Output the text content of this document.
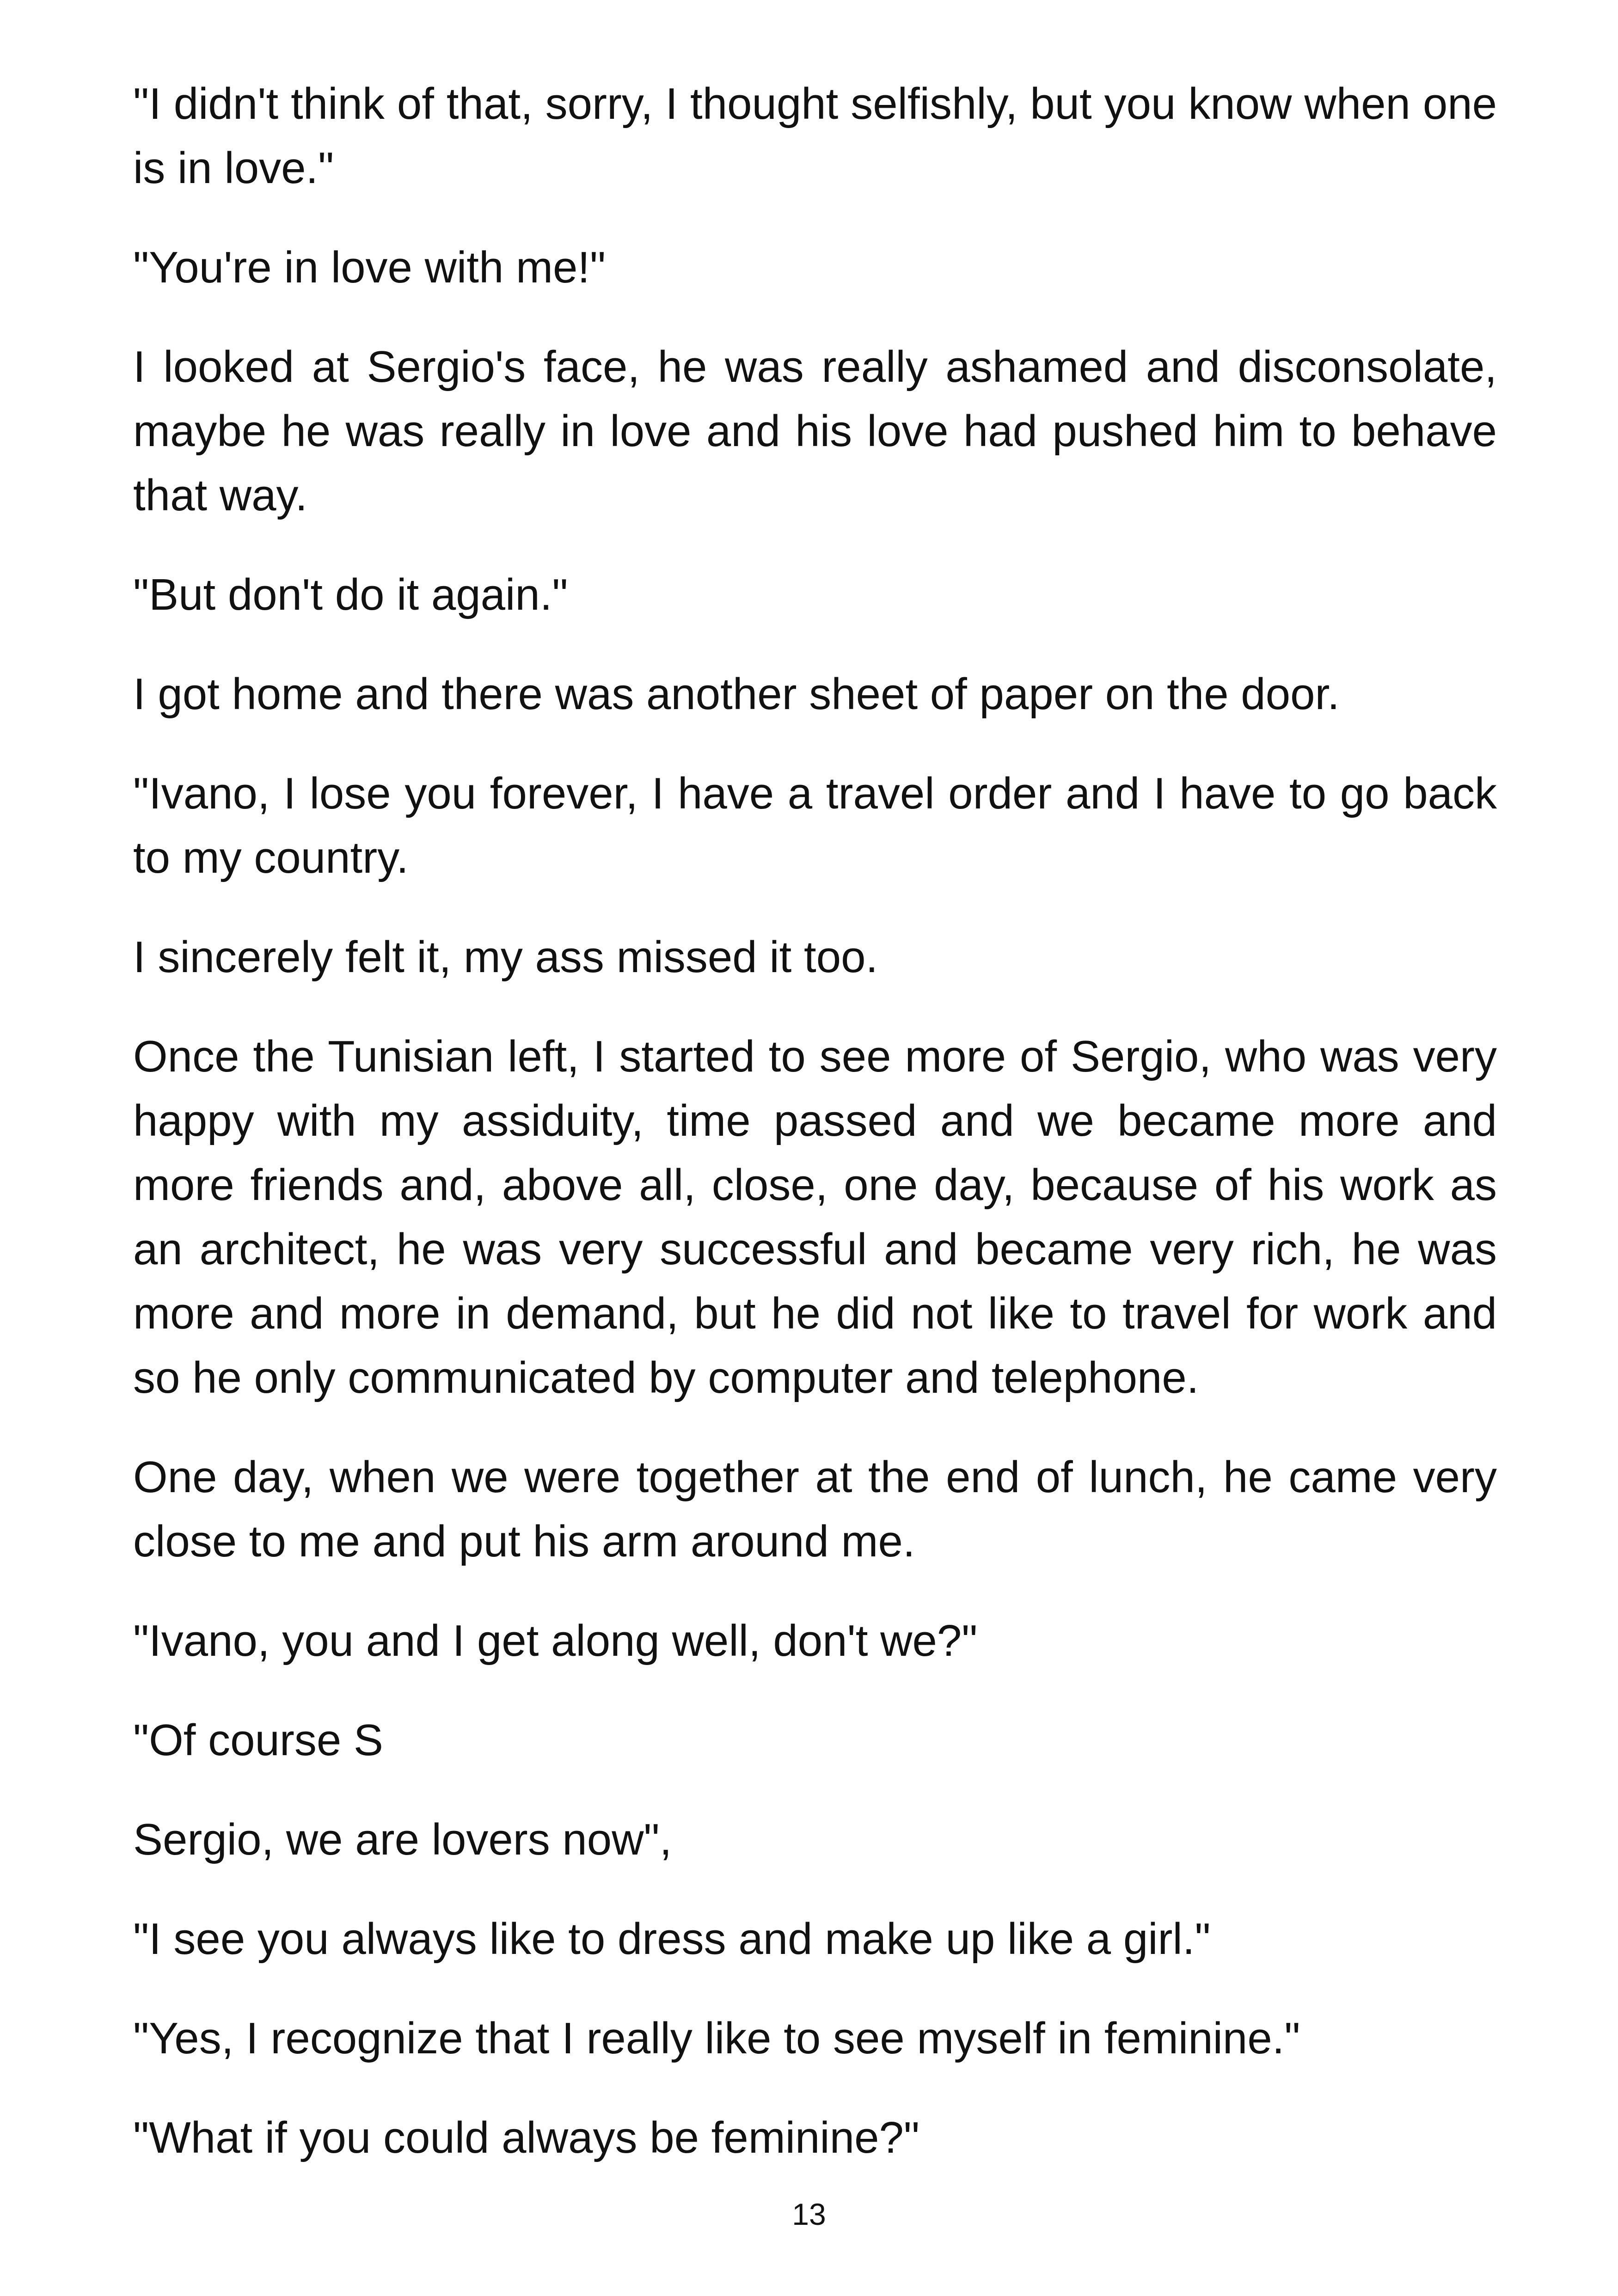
"I didn't think of that, sorry, I thought selfishly, but you know when one is in love."

"You're in love with me!"

I looked at Sergio's face, he was really ashamed and disconsolate, maybe he was really in love and his love had pushed him to behave that way.

"But don't do it again."

I got home and there was another sheet of paper on the door.

"Ivano, I lose you forever, I have a travel order and I have to go back to my country.

I sincerely felt it, my ass missed it too.

Once the Tunisian left, I started to see more of Sergio, who was very happy with my assiduity, time passed and we became more and more friends and, above all, close, one day, because of his work as an architect, he was very successful and became very rich, he was more and more in demand, but he did not like to travel for work and so he only communicated by computer and telephone.

One day, when we were together at the end of lunch, he came very close to me and put his arm around me.

"Ivano, you and I get along well, don't we?"

"Of course S

Sergio, we are lovers now",

"I see you always like to dress and make up like a girl."

"Yes, I recognize that I really like to see myself in feminine."

"What if you could always be feminine?"

13
